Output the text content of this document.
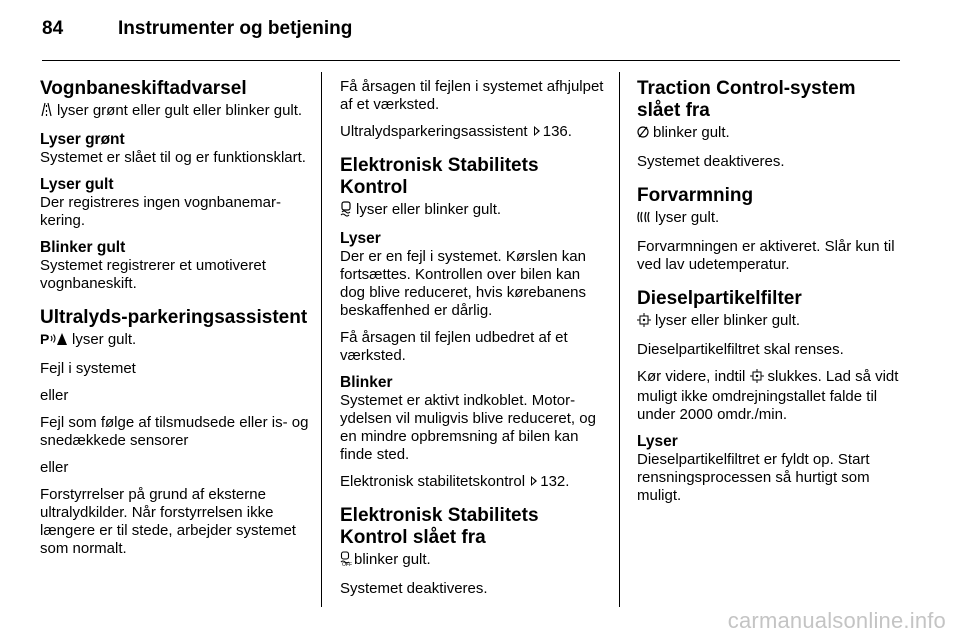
84	Instrumenter og betjening
Vognbaneskiftadvarsel

lyser grønt eller gult eller blinker gult.

Lyser grønt

Systemet er slået til og er funktionsklart.

Lyser gult

Der registreres ingen vognbanemarkering.

Blinker gult

Systemet registrerer et umotiveret vognbaneskift.

Ultralyds-parkeringsassistent

P lyser gult.

Fejl i systemet

eller

Fejl som følge af tilsmudsede eller is- og snedækkede sensorer

eller

Forstyrrelser på grund af eksterne ultralydkilder. Når forstyrrelsen ikke længere er til stede, arbejder systemet som normalt.

Få årsagen til fejlen i systemet afhjulpet af et værksted.

Ultralydsparkeringsassistent 136.

Elektronisk Stabilitets Kontrol

lyser eller blinker gult.

Lyser

Der er en fejl i systemet. Kørslen kan fortsættes. Kontrollen over bilen kan dog blive reduceret, hvis kørebanens beskaffenhed er dårlig.

Få årsagen til fejlen udbedret af et værksted.

Blinker

Systemet er aktivt indkoblet. Motorydelsen vil muligvis blive reduceret, og en mindre opbremsning af bilen kan finde sted.

Elektronisk stabilitetskontrol 132.

Elektronisk Stabilitets Kontrol slået fra

OFF blinker gult.

Systemet deaktiveres.

Traction Control-system slået fra

blinker gult.

Systemet deaktiveres.

Forvarmning

lyser gult.

Forvarmningen er aktiveret. Slår kun til ved lav udetemperatur.

Dieselpartikelfilter

lyser eller blinker gult.

Dieselpartikelfiltret skal renses.

Kør videre, indtil slukkes. Lad så vidt muligt ikke omdrejningstallet falde til under 2000 omdr./min.

Lyser

Dieselpartikelfiltret er fyldt op. Start rensningsprocessen så hurtigt som muligt.

carmanualsonline.info
